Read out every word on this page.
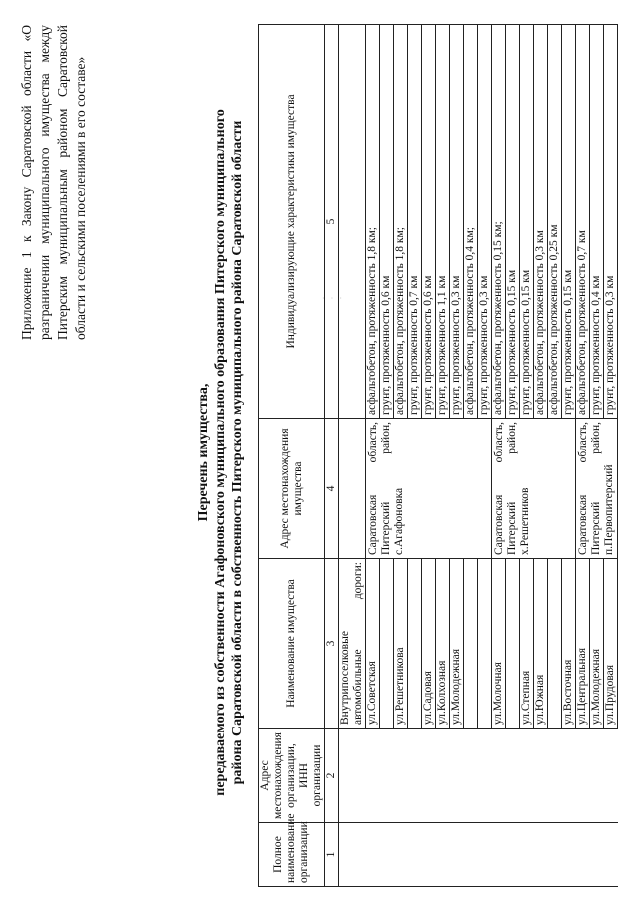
Приложение 1 к Закону Саратовской области «О разграничении муниципального имущества между Питерским муниципальным районом Саратовской области и сельскими поселениями в его составе»

Перечень имущества, передаваемого из собственности Агафоновского муниципального образования Питерского муниципального района Саратовской области в собственность Питерского муниципального района Саратовской области
Полное наименование организации	Адрес местонахождения организации, ИНН организации	Наименование имущества	Адрес местонахождения имущества	Индивидуализирующие характеристики имущества
1	2	3	4	5

		Внутрипоселковые автомобильные дороги:		

		ул.Советская	Саратовская область, Питерский район, с.Агафоновка	асфальтобетон, протяженность 1,8 км;
				грунт, протяженность 0,6 км
		ул.Решетникова		асфальтобетон, протяженность 1,8 км;
				грунт, протяженность 0,7 км
		ул.Садовая		грунт, протяженность 0,6 км
		ул.Колхозная		грунт, протяженность 1,1 км
		ул.Молодежная		грунт, протяженность 0,3 км
				асфальтобетон, протяженность 0,4 км;
				грунт, протяженность 0,3 км
		ул.Молочная	Саратовская область, Питерский район, х.Решетников	асфальтобетон, протяженность 0,15 км;
				грунт, протяженность 0,15 км
		ул.Степная		грунт, протяженность 0,15 км
		ул.Южная		асфальтобетон, протяженность 0,3 км
				асфальтобетон, протяженность 0,25 км
		ул.Восточная		грунт, протяженность 0,15 км
		ул.Центральная	Саратовская область, Питерский район, п.Первопитерский	асфальтобетон, протяженность 0,7 км
		ул.Молодежная		грунт, протяженность 0,4 км
		ул.Прудовая		грунт, протяженность 0,3 км
· · ·
